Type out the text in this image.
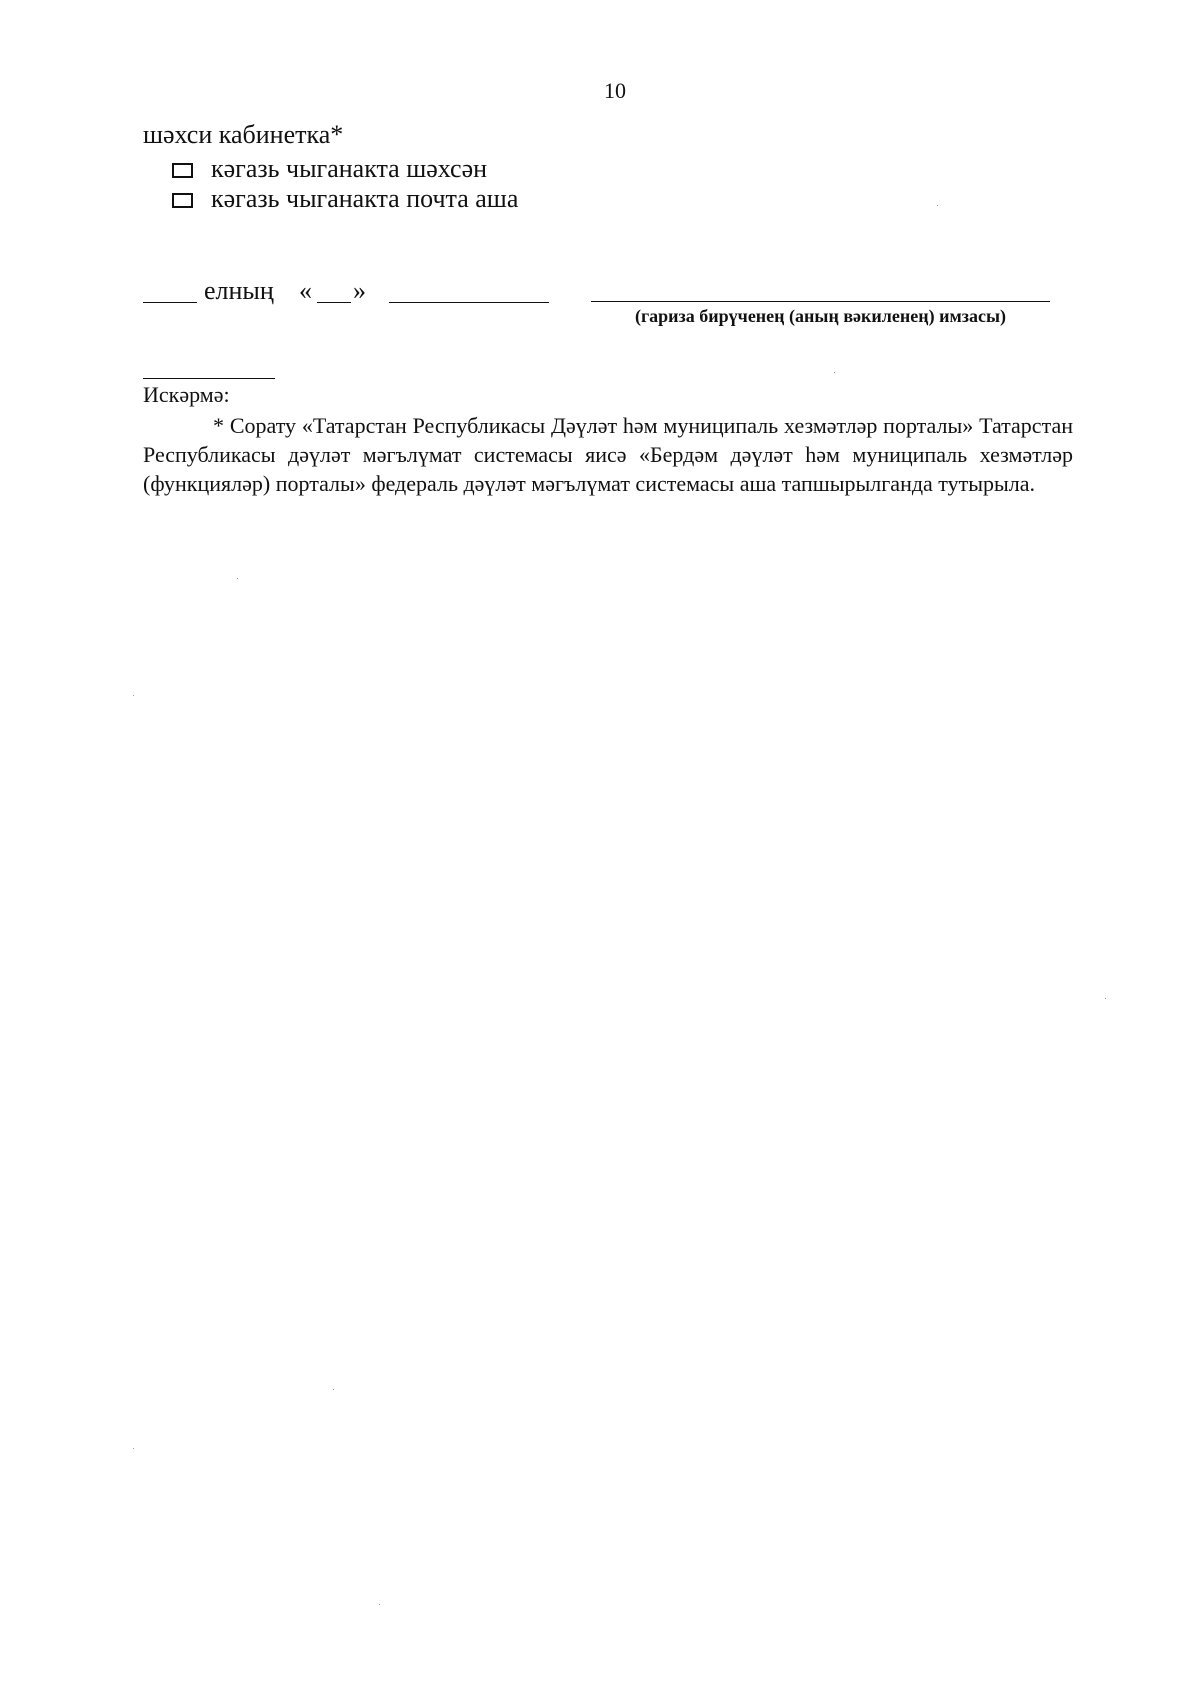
10
шәхси кабинетка*
кәгазь чыганакта шәхсән
кәгазь чыганакта почта аша
елның « »
(гариза бирүченең (аның вәкиленең) имзасы)
Искәрмә:
* Сорату «Татарстан Республикасы Дәүләт һәм муниципаль хезмәтләр порталы» Татарстан Республикасы дәүләт мәгълүмат системасы яисә «Бердәм дәүләт һәм муниципаль хезмәтләр (функцияләр) порталы» федераль дәүләт мәгълүмат системасы аша тапшырылганда тутырыла.
